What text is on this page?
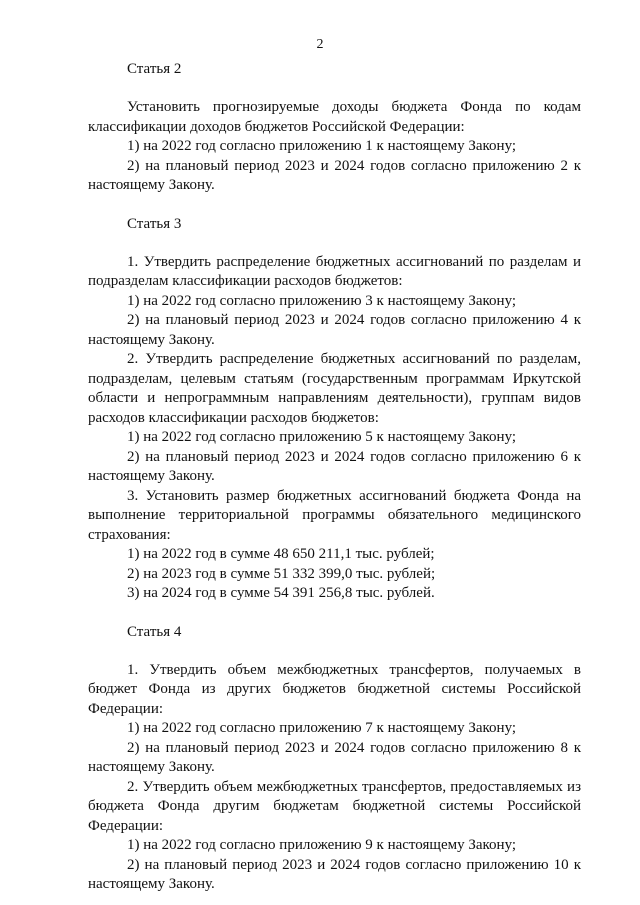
2

Статья 2

Установить прогнозируемые доходы бюджета Фонда по кодам классификации доходов бюджетов Российской Федерации:

1) на 2022 год согласно приложению 1 к настоящему Закону;

2) на плановый период 2023 и 2024 годов согласно приложению 2 к настоящему Закону.

Статья 3

1. Утвердить распределение бюджетных ассигнований по разделам и подразделам классификации расходов бюджетов:

1) на 2022 год согласно приложению 3 к настоящему Закону;

2) на плановый период 2023 и 2024 годов согласно приложению 4 к настоящему Закону.

2. Утвердить распределение бюджетных ассигнований по разделам, подразделам, целевым статьям (государственным программам Иркутской области и непрограммным направлениям деятельности), группам видов расходов классификации расходов бюджетов:

1) на 2022 год согласно приложению 5 к настоящему Закону;

2) на плановый период 2023 и 2024 годов согласно приложению 6 к настоящему Закону.

3. Установить размер бюджетных ассигнований бюджета Фонда на выполнение территориальной программы обязательного медицинского страхования:

1) на 2022 год в сумме 48 650 211,1 тыс. рублей;

2) на 2023 год в сумме 51 332 399,0 тыс. рублей;

3) на 2024 год в сумме 54 391 256,8 тыс. рублей.

Статья 4

1. Утвердить объем межбюджетных трансфертов, получаемых в бюджет Фонда из других бюджетов бюджетной системы Российской Федерации:

1) на 2022 год согласно приложению 7 к настоящему Закону;

2) на плановый период 2023 и 2024 годов согласно приложению 8 к настоящему Закону.

2. Утвердить объем межбюджетных трансфертов, предоставляемых из бюджета Фонда другим бюджетам бюджетной системы Российской Федерации:

1) на 2022 год согласно приложению 9 к настоящему Закону;

2) на плановый период 2023 и 2024 годов согласно приложению 10 к настоящему Закону.
